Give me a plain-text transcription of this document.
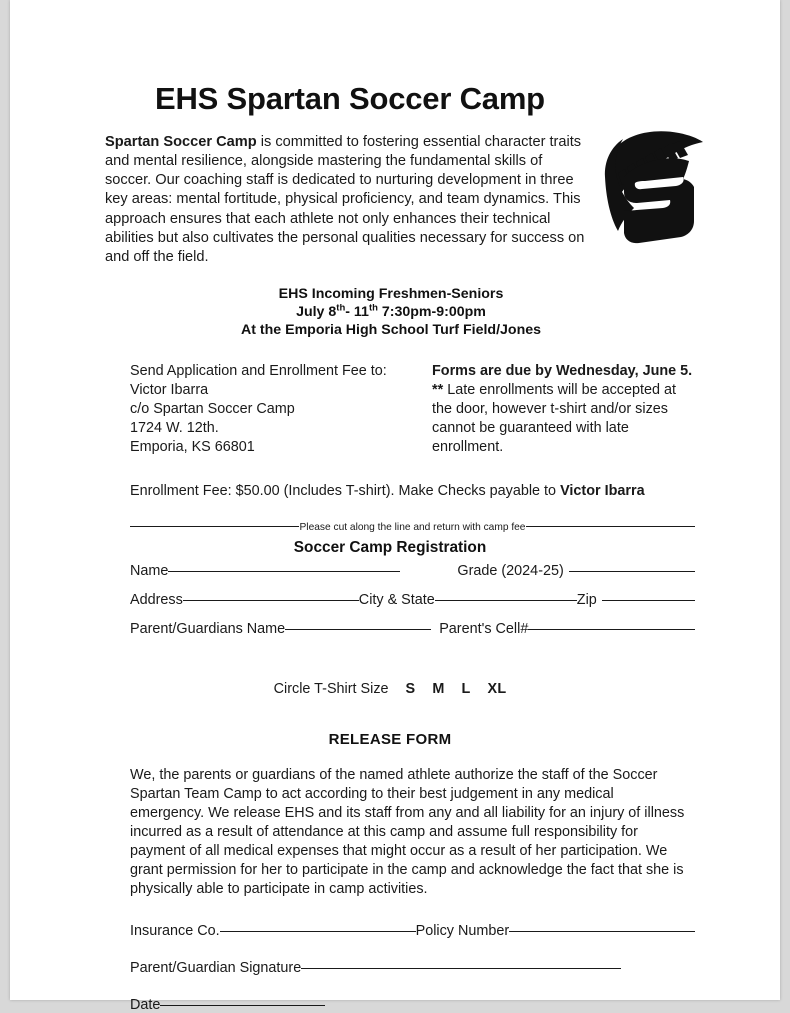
EHS Spartan Soccer Camp
Spartan Soccer Camp is committed to fostering essential character traits and mental resilience, alongside mastering the fundamental skills of soccer. Our coaching staff is dedicated to nurturing development in three key areas: mental fortitude, physical proficiency, and team dynamics. This approach ensures that each athlete not only enhances their technical abilities but also cultivates the personal qualities necessary for success on and off the field.
EHS Incoming Freshmen-Seniors
July 8th- 11th 7:30pm-9:00pm
At the Emporia High School Turf Field/Jones
Send Application and Enrollment Fee to:
Victor Ibarra
c/o Spartan Soccer Camp
1724 W. 12th.
Emporia, KS 66801
Forms are due by Wednesday, June 5.
** Late enrollments will be accepted at the door, however t-shirt and/or sizes cannot be guaranteed with late enrollment.
Enrollment Fee: $50.00 (Includes T-shirt). Make Checks payable to Victor Ibarra
Please cut along the line and return with camp fee
Soccer Camp Registration
Name	Grade (2024-25)
Address	City & State	Zip
Parent/Guardians Name	Parent's Cell#
Circle T-Shirt Size S M L XL
RELEASE FORM
We, the parents or guardians of the named athlete authorize the staff of the Soccer Spartan Team Camp to act according to their best judgement in any medical emergency. We release EHS and its staff from any and all liability for an injury of illness incurred as a result of attendance at this camp and assume full responsibility for payment of all medical expenses that might occur as a result of her participation. We grant permission for her to participate in the camp and acknowledge the fact that she is physically able to participate in camp activities.
Insurance Co.	Policy Number
Parent/Guardian Signature
Date
